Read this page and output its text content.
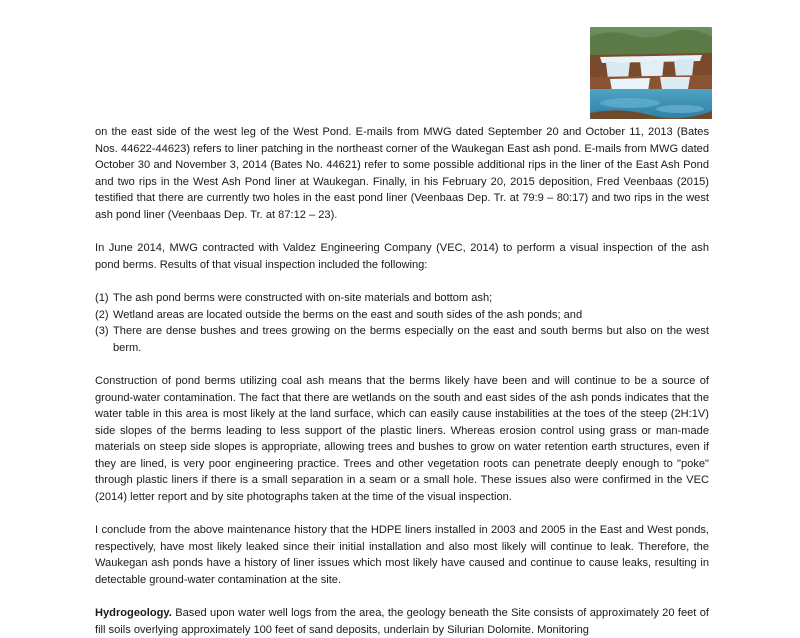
on the east side of the west leg of the West Pond. E-mails from MWG dated September 20 and October 11, 2013 (Bates Nos. 44622-44623) refers to liner patching in the northeast corner of the Waukegan East ash pond. E-mails from MWG dated October 30 and November 3, 2014 (Bates No. 44621) refer to some possible additional rips in the liner of the East Ash Pond and two rips in the West Ash Pond liner at Waukegan. Finally, in his February 20, 2015 deposition, Fred Veenbaas (2015) testified that there are currently two holes in the east pond liner (Veenbaas Dep. Tr. at 79:9 – 80:17) and two rips in the west ash pond liner (Veenbaas Dep. Tr. at 87:12 – 23).

In June 2014, MWG contracted with Valdez Engineering Company (VEC, 2014) to perform a visual inspection of the ash pond berms. Results of that visual inspection included the following:

(1) The ash pond berms were constructed with on-site materials and bottom ash;
(2) Wetland areas are located outside the berms on the east and south sides of the ash ponds; and
(3) There are dense bushes and trees growing on the berms especially on the east and south berms but also on the west berm.

Construction of pond berms utilizing coal ash means that the berms likely have been and will continue to be a source of ground-water contamination. The fact that there are wetlands on the south and east sides of the ash ponds indicates that the water table in this area is most likely at the land surface, which can easily cause instabilities at the toes of the steep (2H:1V) side slopes of the berms leading to less support of the plastic liners. Whereas erosion control using grass or man-made materials on steep side slopes is appropriate, allowing trees and bushes to grow on water retention earth structures, even if they are lined, is very poor engineering practice. Trees and other vegetation roots can penetrate deeply enough to "poke" through plastic liners if there is a small separation in a seam or a small hole. These issues also were confirmed in the VEC (2014) letter report and by site photographs taken at the time of the visual inspection.

I conclude from the above maintenance history that the HDPE liners installed in 2003 and 2005 in the East and West ponds, respectively, have most likely leaked since their initial installation and also most likely will continue to leak. Therefore, the Waukegan ash ponds have a history of liner issues which most likely have caused and continue to cause leaks, resulting in detectable ground-water contamination at the site.

Hydrogeology. Based upon water well logs from the area, the geology beneath the Site consists of approximately 20 feet of fill soils overlying approximately 100 feet of sand deposits, underlain by Silurian Dolomite. Monitoring
